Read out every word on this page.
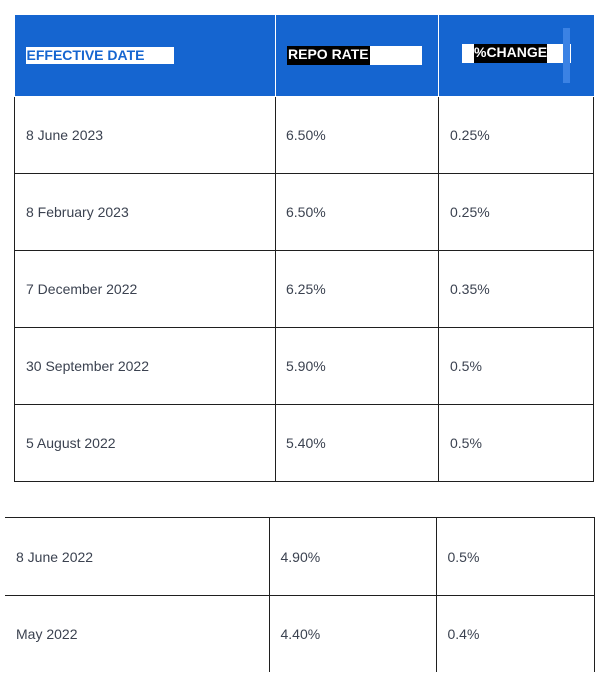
EFFECTIVE DATE	REPO RATE	%CHANGE

8 June 2023	6.50%	0.25%
8 February 2023	6.50%	0.25%
7 December 2022	6.25%	0.35%
30 September 2022	5.90%	0.5%
5 August 2022	5.40%	0.5%
8 June 2022	4.90%	0.5%
May 2022	4.40%	0.4%
